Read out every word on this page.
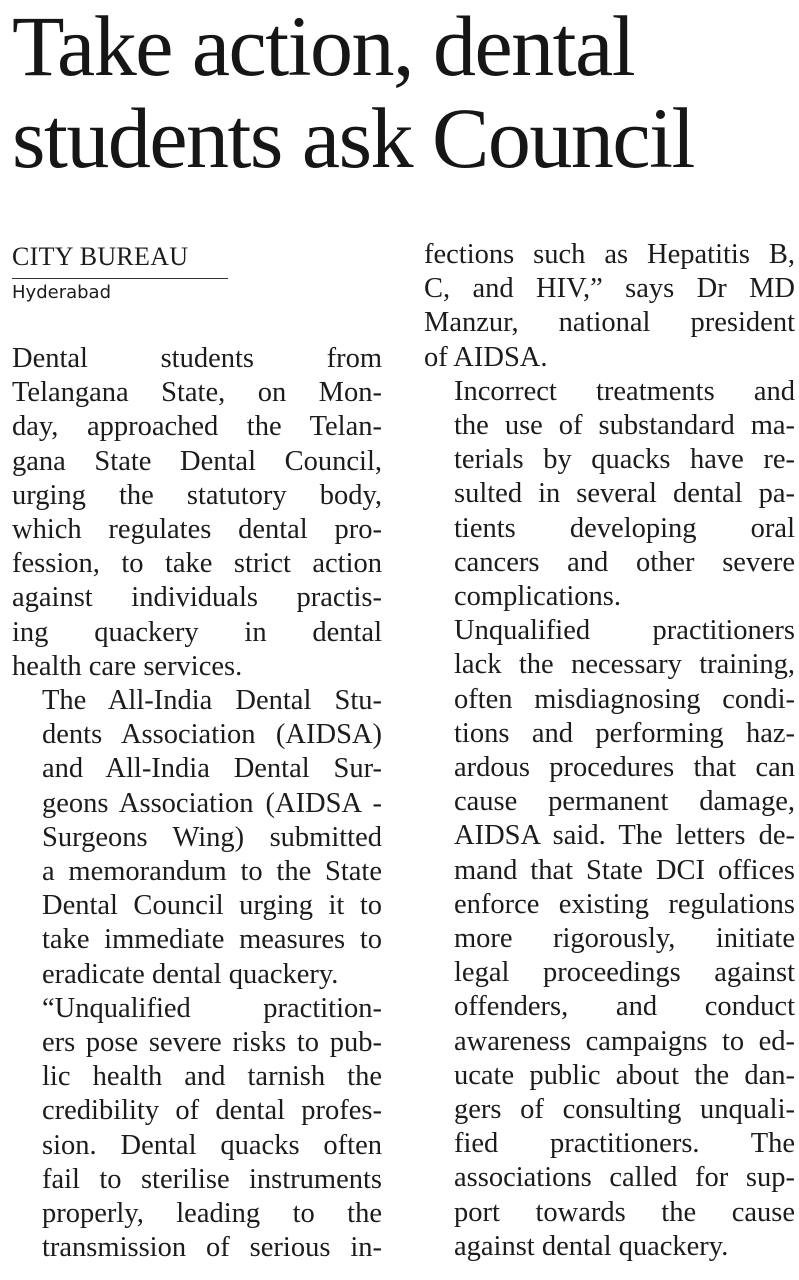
Take action, dental
students ask Council
CITY BUREAU
Hyderabad

Dental students from
Telangana State, on Mon-
day, approached the Telan-
gana State Dental Council,
urging the statutory body,
which regulates dental pro-
fession, to take strict action
against individuals practis-
ing quackery in dental
health care services.

The All-India Dental Stu-
dents Association (AIDSA)
and All-India Dental Sur-
geons Association (AIDSA -
Surgeons Wing) submitted
a memorandum to the State
Dental Council urging it to
take immediate measures to
eradicate dental quackery.

“Unqualified practition-
ers pose severe risks to pub-
lic health and tarnish the
credibility of dental profes-
sion. Dental quacks often
fail to sterilise instruments
properly, leading to the
transmission of serious in-

fections such as Hepatitis B,
C, and HIV,” says Dr MD
Manzur, national president
of AIDSA.

Incorrect treatments and
the use of substandard ma-
terials by quacks have re-
sulted in several dental pa-
tients developing oral
cancers and other severe
complications.

Unqualified practitioners
lack the necessary training,
often misdiagnosing condi-
tions and performing haz-
ardous procedures that can
cause permanent damage,
AIDSA said. The letters de-
mand that State DCI offices
enforce existing regulations
more rigorously, initiate
legal proceedings against
offenders, and conduct
awareness campaigns to ed-
ucate public about the dan-
gers of consulting unquali-
fied practitioners. The
associations called for sup-
port towards the cause
against dental quackery.
